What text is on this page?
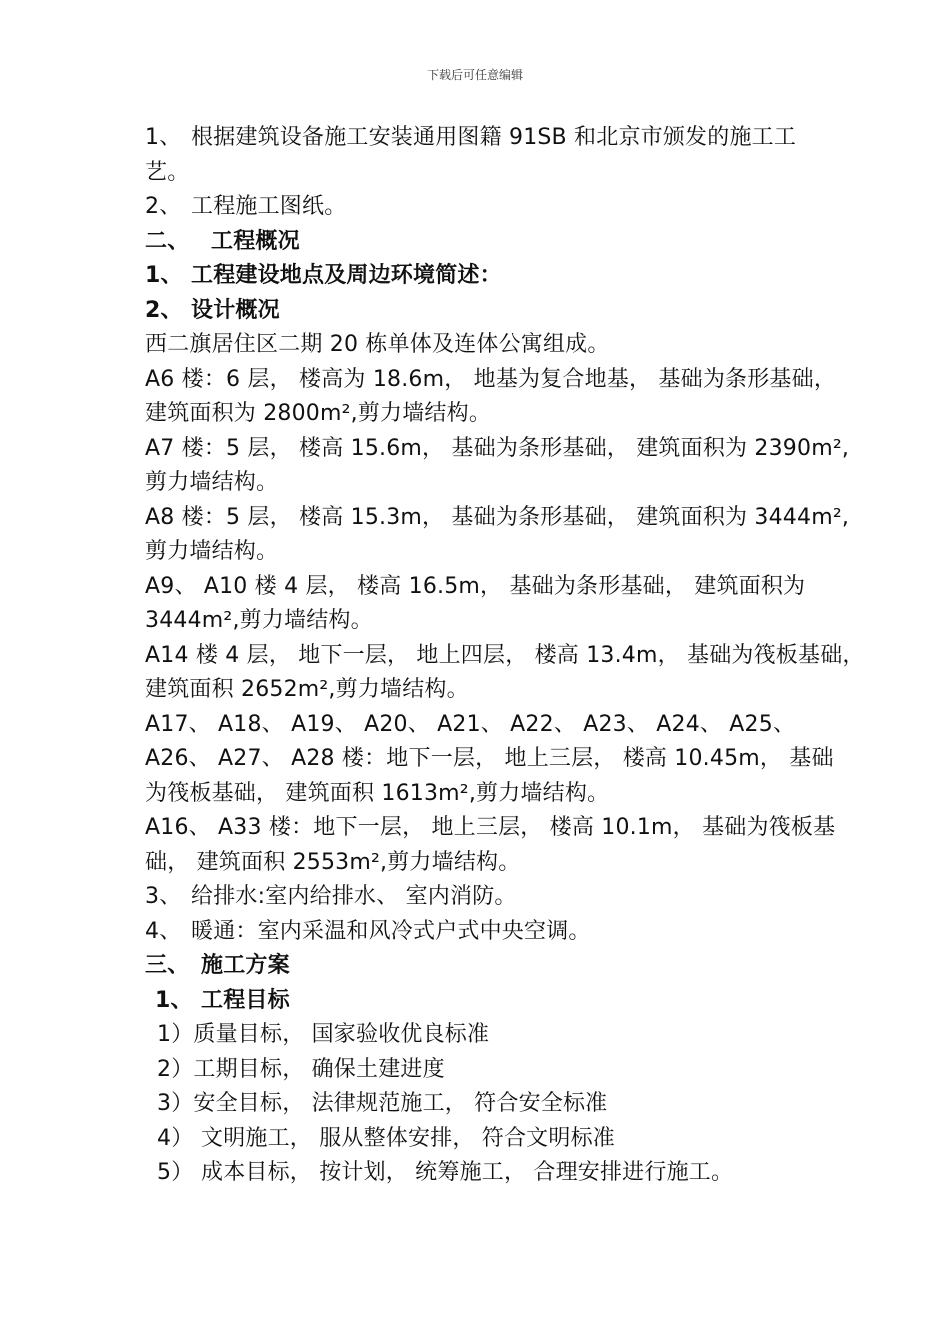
下载后可任意编辑
1、 根据建筑设备施工安装通用图籍 91SB 和北京市颁发的施工工
艺。
2、 工程施工图纸。
二、 工程概况
1、 工程建设地点及周边环境简述：
2、 设计概况
西二旗居住区二期 20 栋单体及连体公寓组成。
A6 楼：6 层， 楼高为 18.6m， 地基为复合地基， 基础为条形基础，
建筑面积为 2800m²,剪力墙结构。
A7 楼：5 层， 楼高 15.6m， 基础为条形基础， 建筑面积为 2390m²,
剪力墙结构。
A8 楼：5 层， 楼高 15.3m， 基础为条形基础， 建筑面积为 3444m²,
剪力墙结构。
A9、 A10 楼 4 层， 楼高 16.5m， 基础为条形基础， 建筑面积为
3444m²,剪力墙结构。
A14 楼 4 层， 地下一层， 地上四层， 楼高 13.4m， 基础为筏板基础，
建筑面积 2652m²,剪力墙结构。
A17、 A18、 A19、 A20、 A21、 A22、 A23、 A24、 A25、
A26、 A27、 A28 楼：地下一层， 地上三层， 楼高 10.45m， 基础
为筏板基础， 建筑面积 1613m²,剪力墙结构。
A16、 A33 楼：地下一层， 地上三层， 楼高 10.1m， 基础为筏板基
础， 建筑面积 2553m²,剪力墙结构。
3、 给排水:室内给排水、 室内消防。
4、 暖通：室内采温和风冷式户式中央空调。
三、 施工方案
1、 工程目标
1）质量目标， 国家验收优良标准
2）工期目标， 确保土建进度
3）安全目标， 法律规范施工， 符合安全标准
4） 文明施工， 服从整体安排， 符合文明标准
5） 成本目标， 按计划， 统筹施工， 合理安排进行施工。
